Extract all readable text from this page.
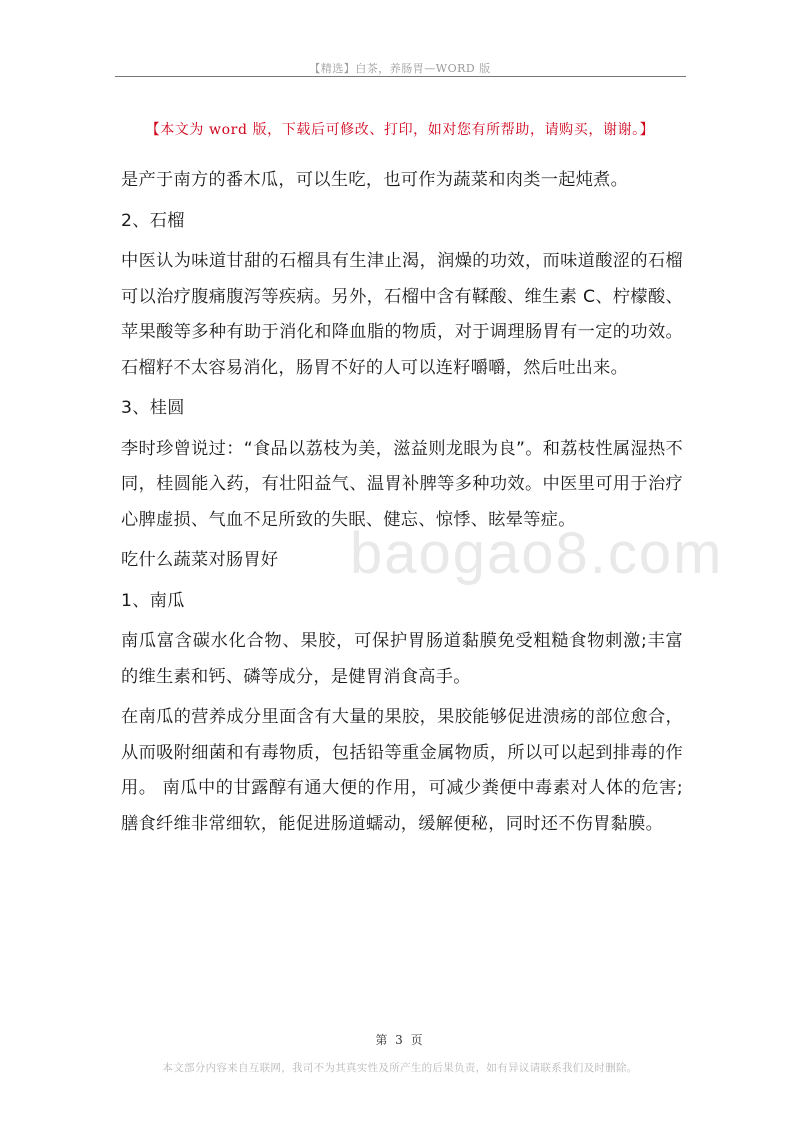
【精选】白茶，养肠胃—WORD 版
【本文为 word 版，下载后可修改、打印，如对您有所帮助，请购买，谢谢。】
baogao8.com

是产于南方的番木瓜，可以生吃，也可作为蔬菜和肉类一起炖煮。

2、石榴

中医认为味道甘甜的石榴具有生津止渴，润燥的功效，而味道酸涩的石榴可以治疗腹痛腹泻等疾病。另外，石榴中含有鞣酸、维生素 C、柠檬酸、苹果酸等多种有助于消化和降血脂的物质，对于调理肠胃有一定的功效。石榴籽不太容易消化，肠胃不好的人可以连籽嚼嚼，然后吐出来。

3、桂圆

李时珍曾说过：“食品以荔枝为美，滋益则龙眼为良”。和荔枝性属湿热不同，桂圆能入药，有壮阳益气、温胃补脾等多种功效。中医里可用于治疗心脾虚损、气血不足所致的失眠、健忘、惊悸、眩晕等症。

吃什么蔬菜对肠胃好

1、南瓜

南瓜富含碳水化合物、果胶，可保护胃肠道黏膜免受粗糙食物刺激;丰富的维生素和钙、磷等成分，是健胃消食高手。

在南瓜的营养成分里面含有大量的果胶，果胶能够促进溃疡的部位愈合，从而吸附细菌和有毒物质，包括铅等重金属物质，所以可以起到排毒的作用。 南瓜中的甘露醇有通大便的作用，可减少粪便中毒素对人体的危害;膳食纤维非常细软，能促进肠道蠕动，缓解便秘，同时还不伤胃黏膜。

第 3 页
本文部分内容来自互联网，我司不为其真实性及所产生的后果负责，如有异议请联系我们及时删除。
